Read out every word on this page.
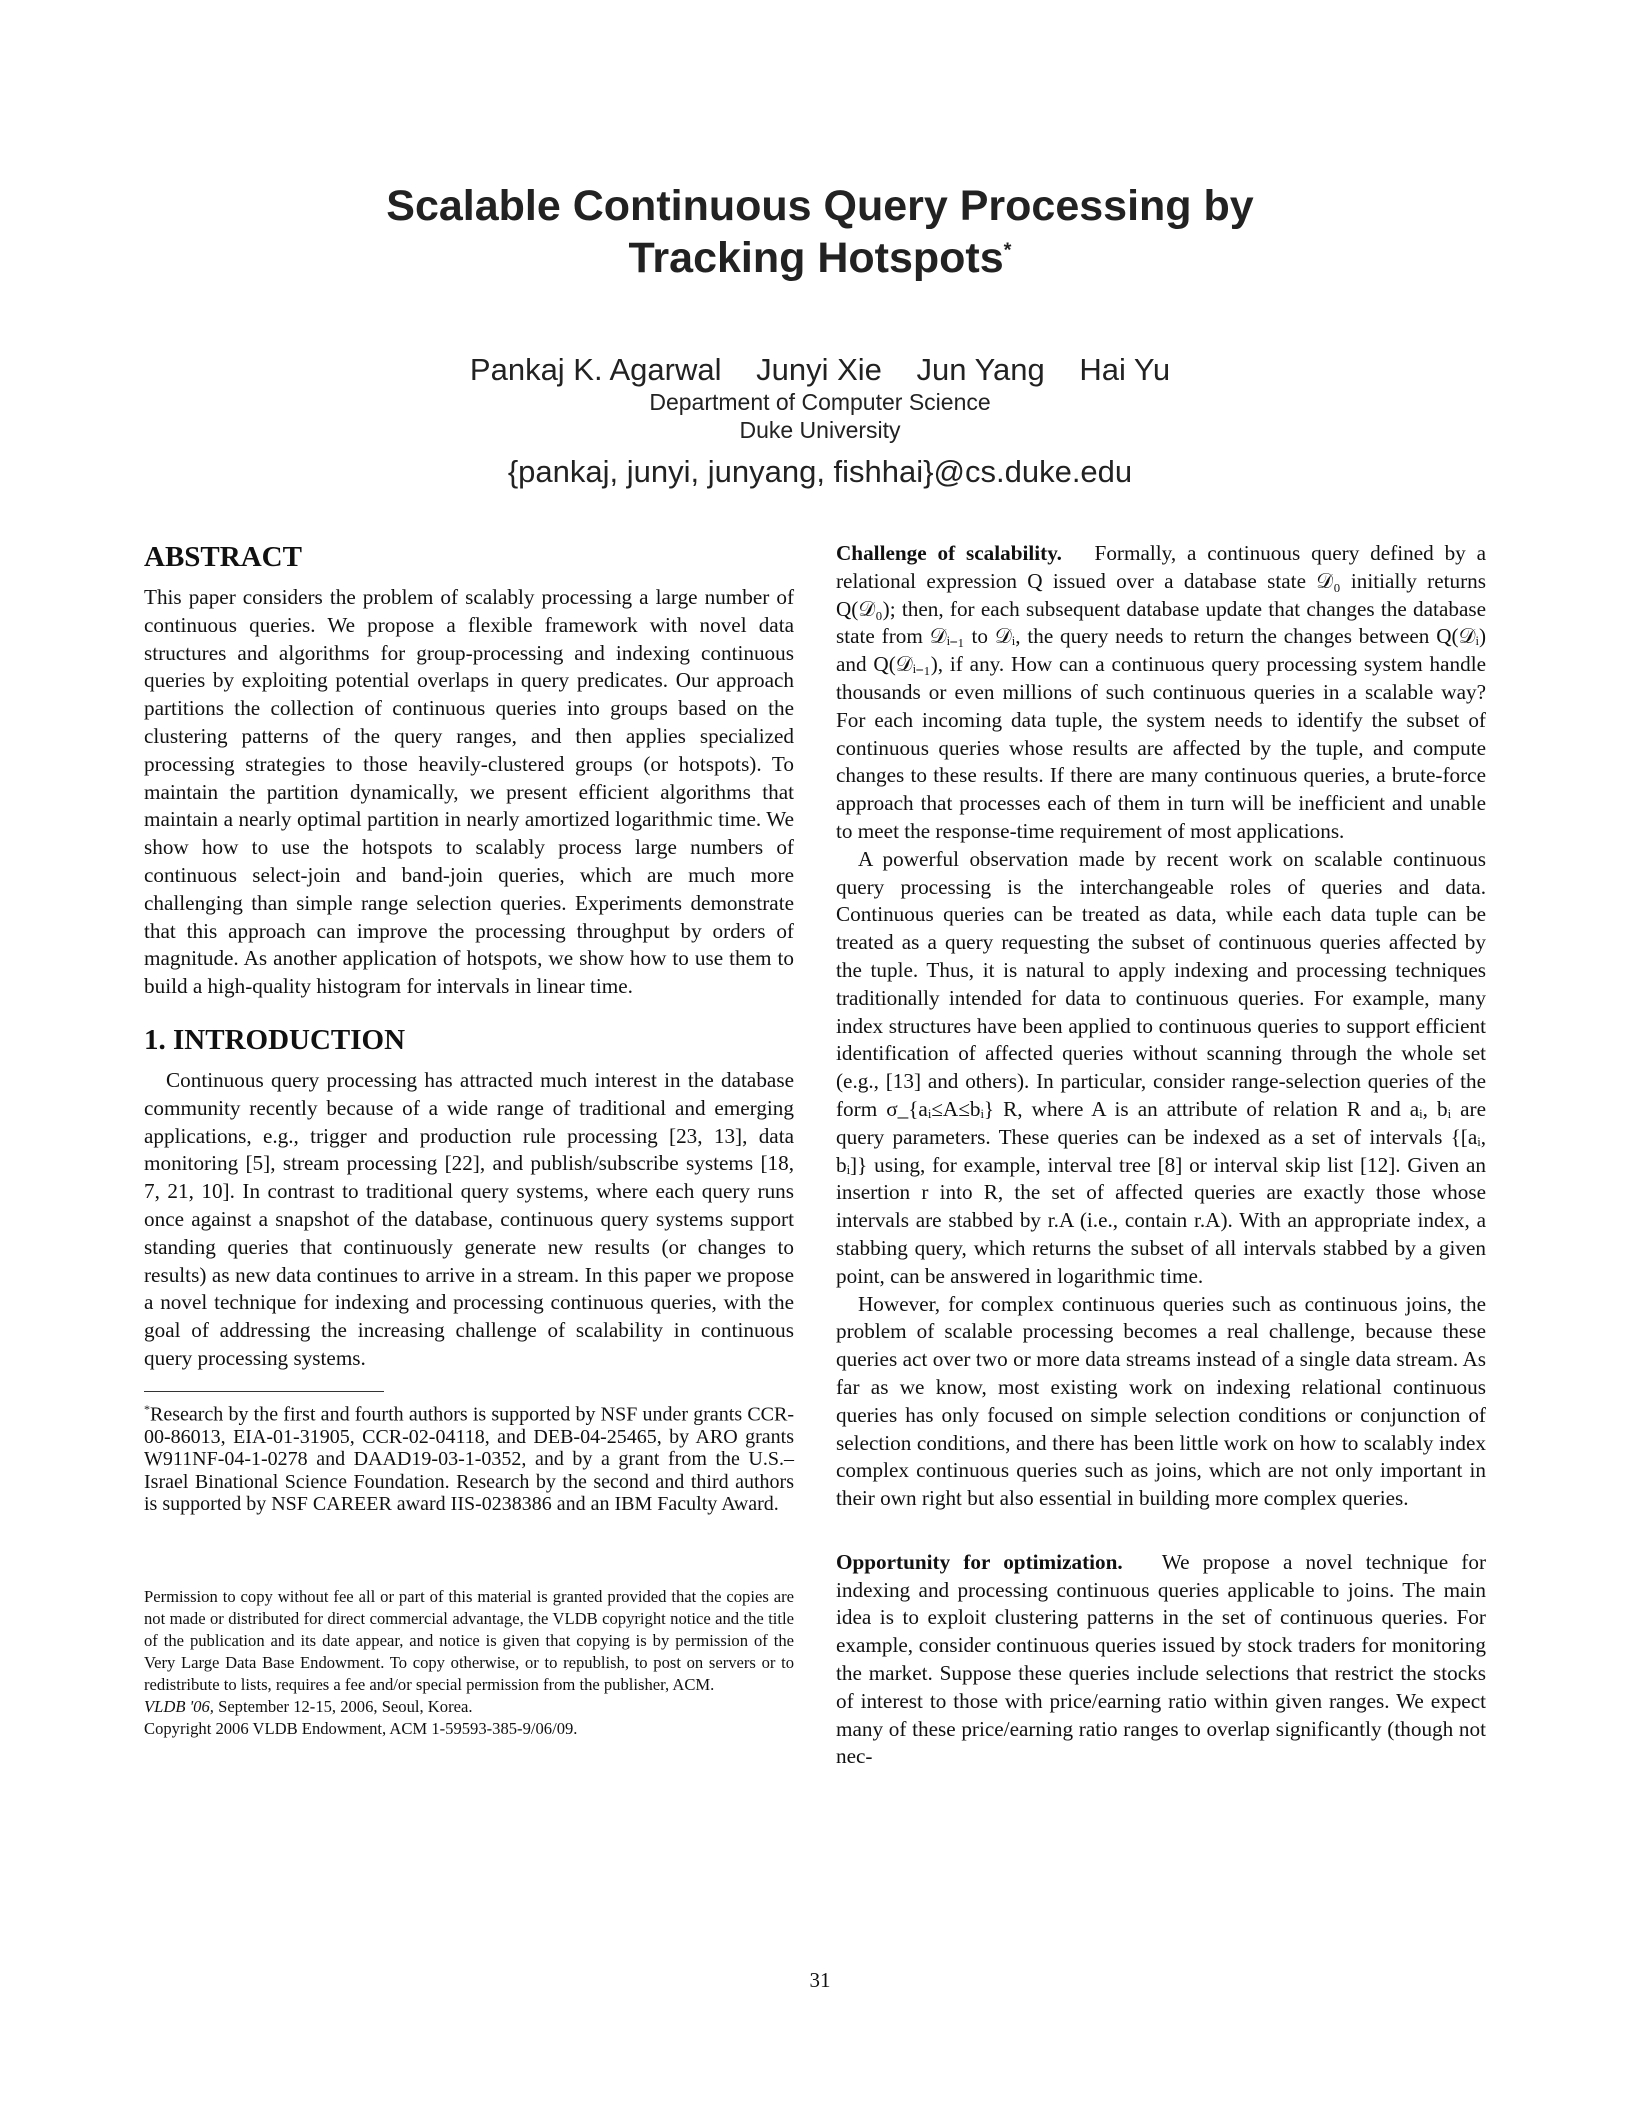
Scalable Continuous Query Processing by
Tracking Hotspots*
Pankaj K. Agarwal Junyi Xie Jun Yang Hai Yu
Department of Computer Science
Duke University
{pankaj, junyi, junyang, fishhai}@cs.duke.edu
ABSTRACT

This paper considers the problem of scalably processing a large number of continuous queries. We propose a flexible framework with novel data structures and algorithms for group-processing and indexing continuous queries by exploiting potential overlaps in query predicates. Our approach partitions the collection of continuous queries into groups based on the clustering patterns of the query ranges, and then applies specialized processing strategies to those heavily-clustered groups (or hotspots). To maintain the partition dynamically, we present efficient algorithms that maintain a nearly optimal partition in nearly amortized logarithmic time. We show how to use the hotspots to scalably process large numbers of continuous select-join and band-join queries, which are much more challenging than simple range selection queries. Experiments demonstrate that this approach can improve the processing throughput by orders of magnitude. As another application of hotspots, we show how to use them to build a high-quality histogram for intervals in linear time.

1. INTRODUCTION

Continuous query processing has attracted much interest in the database community recently because of a wide range of traditional and emerging applications, e.g., trigger and production rule processing [23, 13], data monitoring [5], stream processing [22], and publish/subscribe systems [18, 7, 21, 10]. In contrast to traditional query systems, where each query runs once against a snapshot of the database, continuous query systems support standing queries that continuously generate new results (or changes to results) as new data continues to arrive in a stream. In this paper we propose a novel technique for indexing and processing continuous queries, with the goal of addressing the increasing challenge of scalability in continuous query processing systems.

*Research by the first and fourth authors is supported by NSF under grants CCR-00-86013, EIA-01-31905, CCR-02-04118, and DEB-04-25465, by ARO grants W911NF-04-1-0278 and DAAD19-03-1-0352, and by a grant from the U.S.–Israel Binational Science Foundation. Research by the second and third authors is supported by NSF CAREER award IIS-0238386 and an IBM Faculty Award.

Permission to copy without fee all or part of this material is granted provided that the copies are not made or distributed for direct commercial advantage, the VLDB copyright notice and the title of the publication and its date appear, and notice is given that copying is by permission of the Very Large Data Base Endowment. To copy otherwise, or to republish, to post on servers or to redistribute to lists, requires a fee and/or special permission from the publisher, ACM.

VLDB '06, September 12-15, 2006, Seoul, Korea.

Copyright 2006 VLDB Endowment, ACM 1-59593-385-9/06/09.

Challenge of scalability. Formally, a continuous query defined by a relational expression Q issued over a database state 𝒟₀ initially returns Q(𝒟₀); then, for each subsequent database update that changes the database state from 𝒟ᵢ₋₁ to 𝒟ᵢ, the query needs to return the changes between Q(𝒟ᵢ) and Q(𝒟ᵢ₋₁), if any. How can a continuous query processing system handle thousands or even millions of such continuous queries in a scalable way? For each incoming data tuple, the system needs to identify the subset of continuous queries whose results are affected by the tuple, and compute changes to these results. If there are many continuous queries, a brute-force approach that processes each of them in turn will be inefficient and unable to meet the response-time requirement of most applications.

A powerful observation made by recent work on scalable continuous query processing is the interchangeable roles of queries and data. Continuous queries can be treated as data, while each data tuple can be treated as a query requesting the subset of continuous queries affected by the tuple. Thus, it is natural to apply indexing and processing techniques traditionally intended for data to continuous queries. For example, many index structures have been applied to continuous queries to support efficient identification of affected queries without scanning through the whole set (e.g., [13] and others). In particular, consider range-selection queries of the form σ_{aᵢ≤A≤bᵢ} R, where A is an attribute of relation R and aᵢ, bᵢ are query parameters. These queries can be indexed as a set of intervals {[aᵢ, bᵢ]} using, for example, interval tree [8] or interval skip list [12]. Given an insertion r into R, the set of affected queries are exactly those whose intervals are stabbed by r.A (i.e., contain r.A). With an appropriate index, a stabbing query, which returns the subset of all intervals stabbed by a given point, can be answered in logarithmic time.

However, for complex continuous queries such as continuous joins, the problem of scalable processing becomes a real challenge, because these queries act over two or more data streams instead of a single data stream. As far as we know, most existing work on indexing relational continuous queries has only focused on simple selection conditions or conjunction of selection conditions, and there has been little work on how to scalably index complex continuous queries such as joins, which are not only important in their own right but also essential in building more complex queries.

Opportunity for optimization. We propose a novel technique for indexing and processing continuous queries applicable to joins. The main idea is to exploit clustering patterns in the set of continuous queries. For example, consider continuous queries issued by stock traders for monitoring the market. Suppose these queries include selections that restrict the stocks of interest to those with price/earning ratio within given ranges. We expect many of these price/earning ratio ranges to overlap significantly (though not nec-

31
